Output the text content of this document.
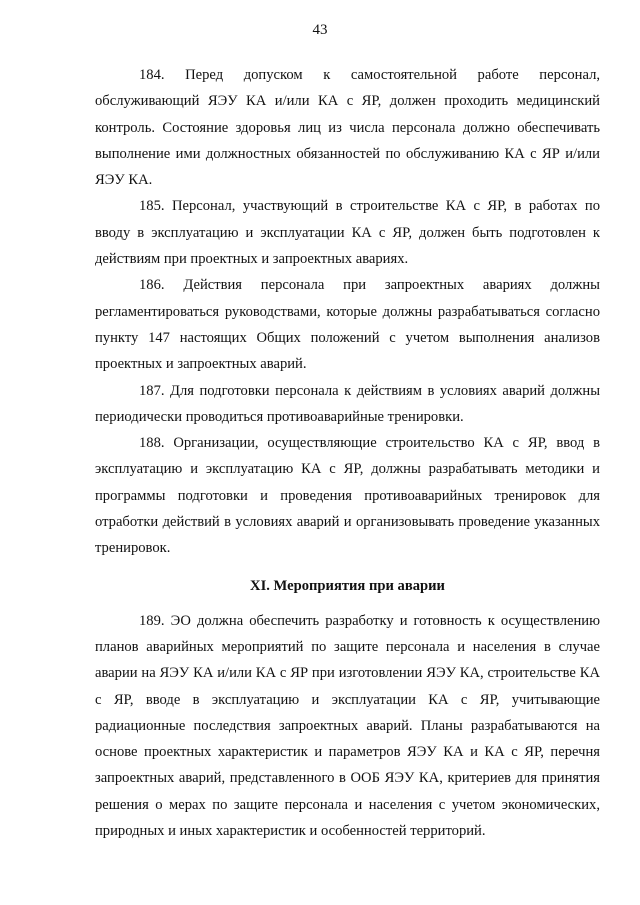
43

184. Перед допуском к самостоятельной работе персонал, обслуживающий ЯЭУ КА и/или КА с ЯР, должен проходить медицинский контроль. Состояние здоровья лиц из числа персонала должно обеспечивать выполнение ими должностных обязанностей по обслуживанию КА с ЯР и/или ЯЭУ КА.

185. Персонал, участвующий в строительстве КА с ЯР, в работах по вводу в эксплуатацию и эксплуатации КА с ЯР, должен быть подготовлен к действиям при проектных и запроектных авариях.

186. Действия персонала при запроектных авариях должны регламентироваться руководствами, которые должны разрабатываться согласно пункту 147 настоящих Общих положений с учетом выполнения анализов проектных и запроектных аварий.

187. Для подготовки персонала к действиям в условиях аварий должны периодически проводиться противоаварийные тренировки.

188. Организации, осуществляющие строительство КА с ЯР, ввод в эксплуатацию и эксплуатацию КА с ЯР, должны разрабатывать методики и программы подготовки и проведения противоаварийных тренировок для отработки действий в условиях аварий и организовывать проведение указанных тренировок.

XI. Мероприятия при аварии

189. ЭО должна обеспечить разработку и готовность к осуществлению планов аварийных мероприятий по защите персонала и населения в случае аварии на ЯЭУ КА и/или КА с ЯР при изготовлении ЯЭУ КА, строительстве КА с ЯР, вводе в эксплуатацию и эксплуатации КА с ЯР, учитывающие радиационные последствия запроектных аварий. Планы разрабатываются на основе проектных характеристик и параметров ЯЭУ КА и КА с ЯР, перечня запроектных аварий, представленного в ООБ ЯЭУ КА, критериев для принятия решения о мерах по защите персонала и населения с учетом экономических, природных и иных характеристик и особенностей территорий.
